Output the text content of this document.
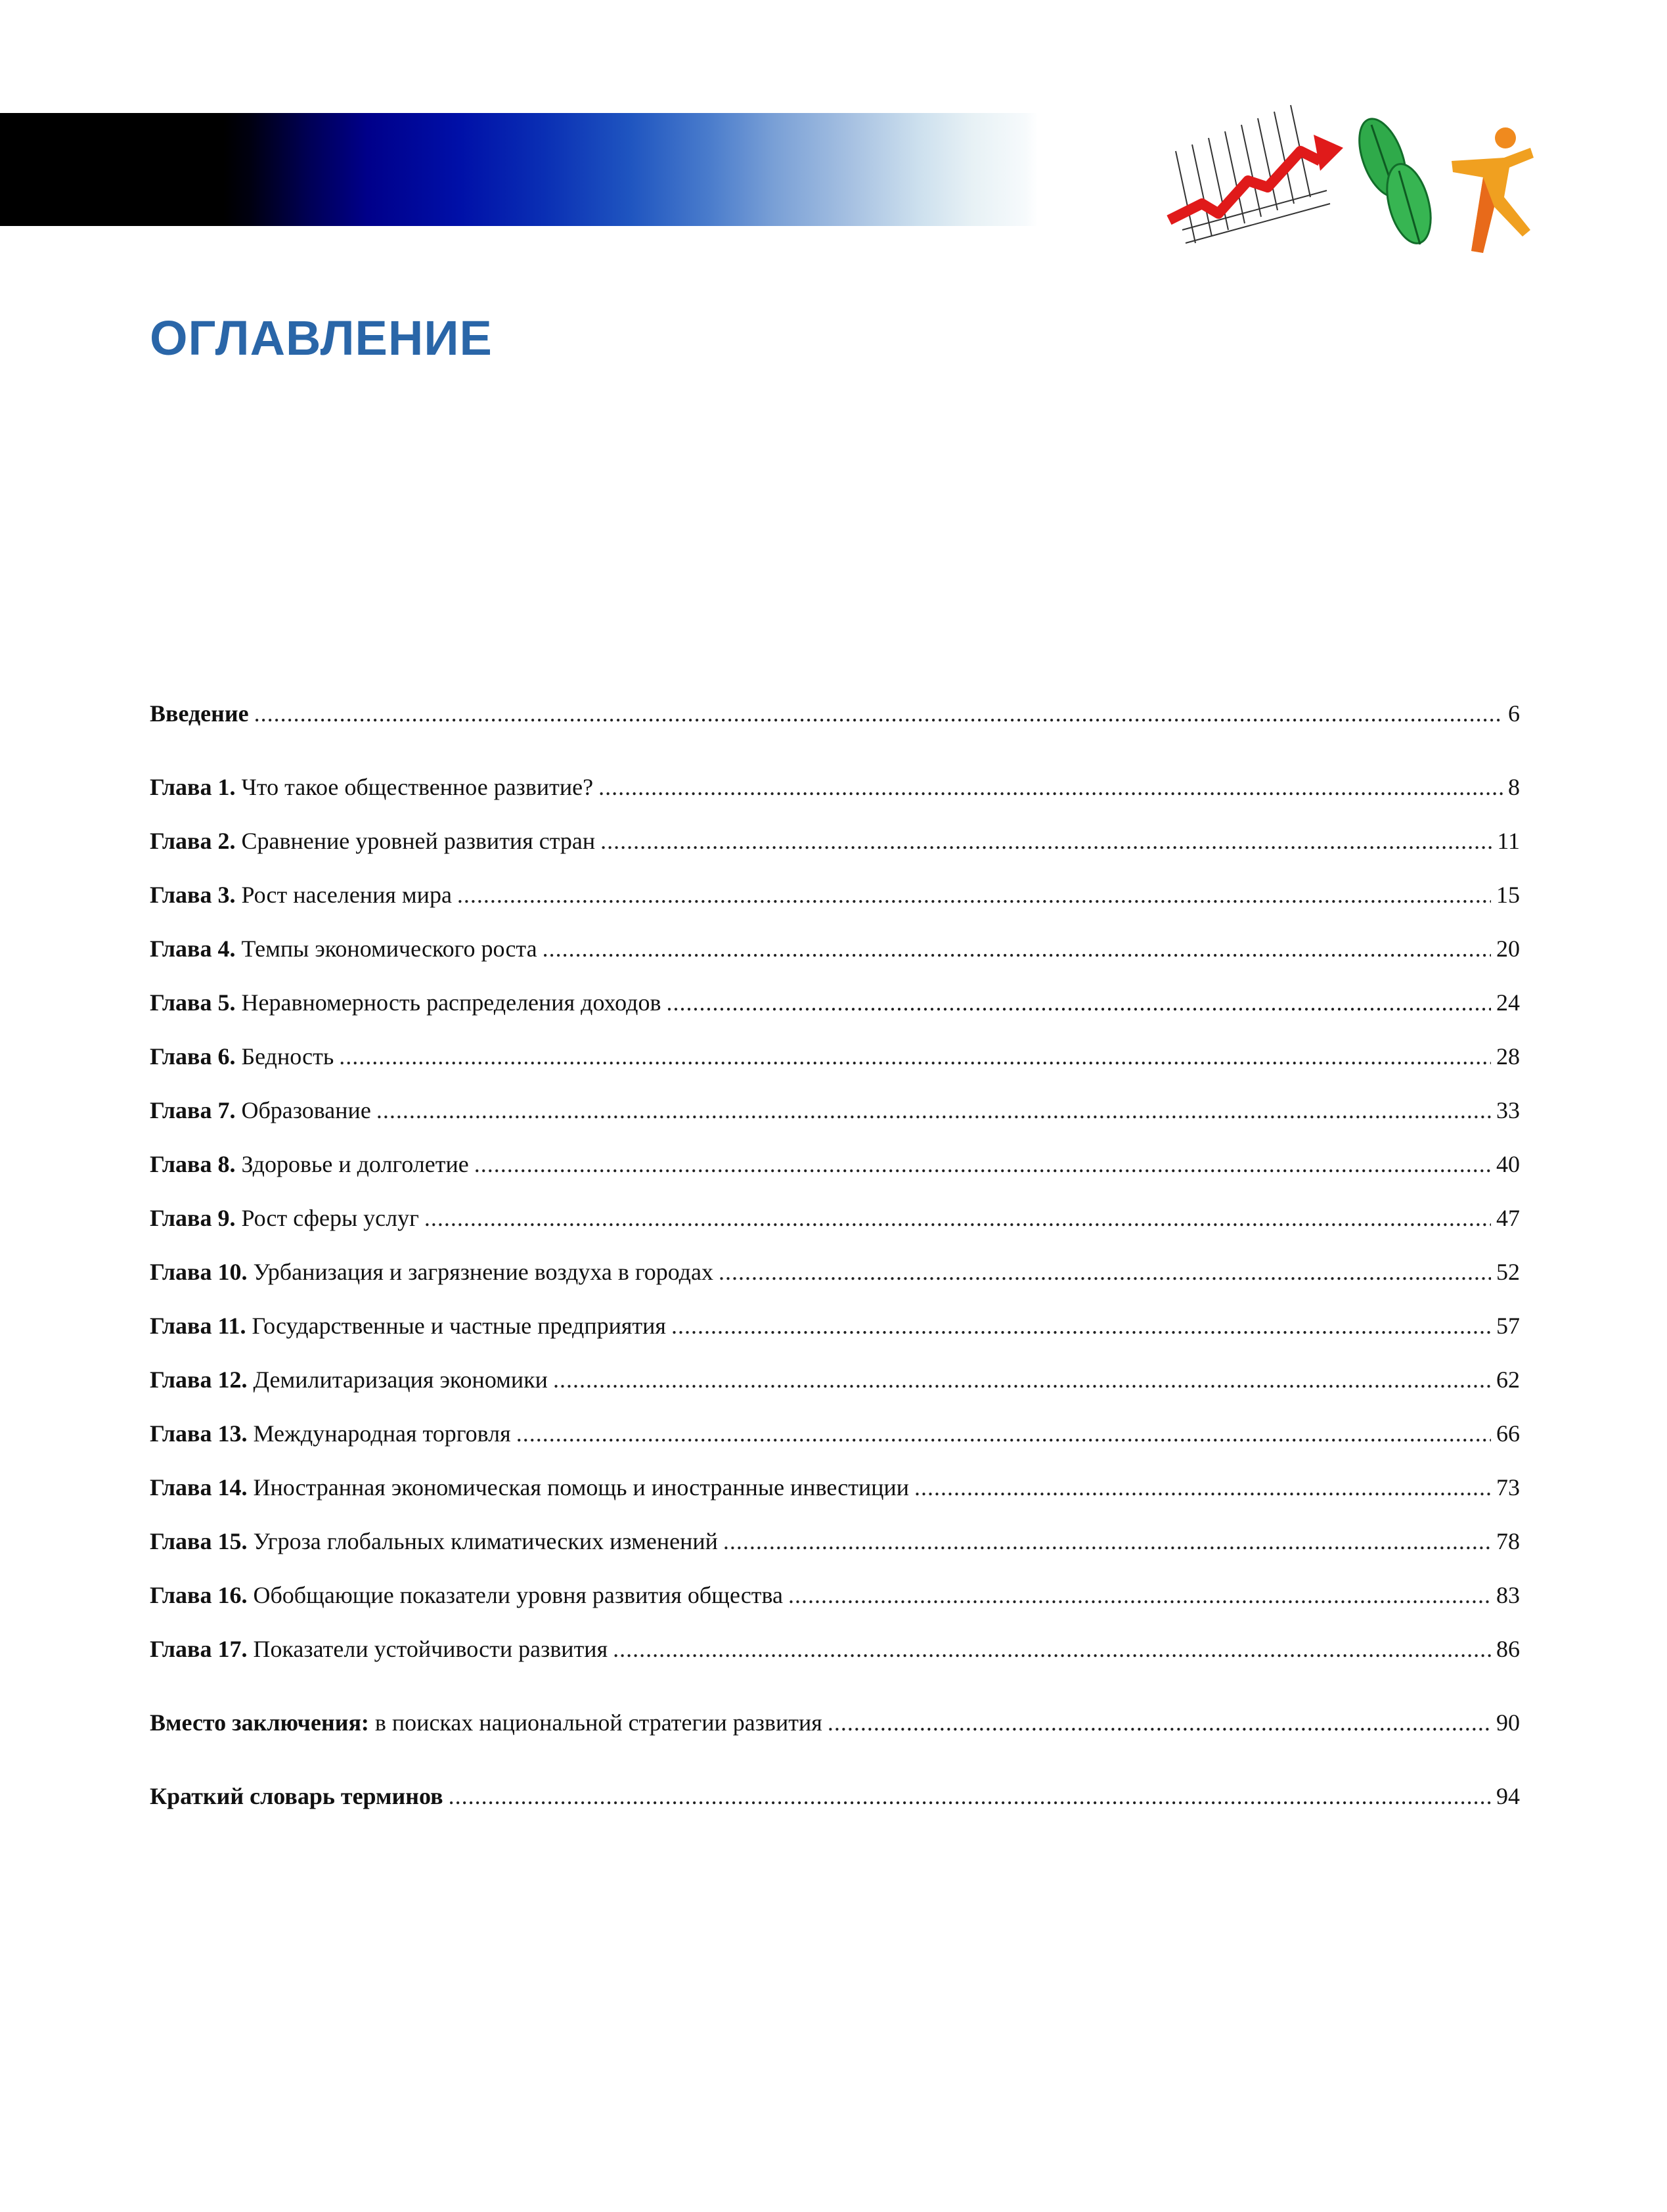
ОГЛАВЛЕНИЕ
Введение . . .	6
Глава 1. Что такое общественное развитие? . . .	8
Глава 2. Сравнение уровней развития стран . . .	11
Глава 3. Рост населения мира . . .	15
Глава 4. Темпы экономического роста . . .	20
Глава 5. Неравномерность распределения доходов . . .	24
Глава 6. Бедность . . .	28
Глава 7. Образование . . .	33
Глава 8. Здоровье и долголетие . . .	40
Глава 9. Рост сферы услуг . . .	47
Глава 10. Урбанизация и загрязнение воздуха в городах . . .	52
Глава 11. Государственные и частные предприятия . . .	57
Глава 12. Демилитаризация экономики . . .	62
Глава 13. Международная торговля . . .	66
Глава 14. Иностранная экономическая помощь и иностранные инвестиции . . .	73
Глава 15. Угроза глобальных климатических изменений . . .	78
Глава 16. Обобщающие показатели уровня развития общества . . .	83
Глава 17. Показатели устойчивости развития . . .	86
Вместо заключения: в поисках национальной стратегии развития . . .	90
Краткий словарь терминов . . .	94
